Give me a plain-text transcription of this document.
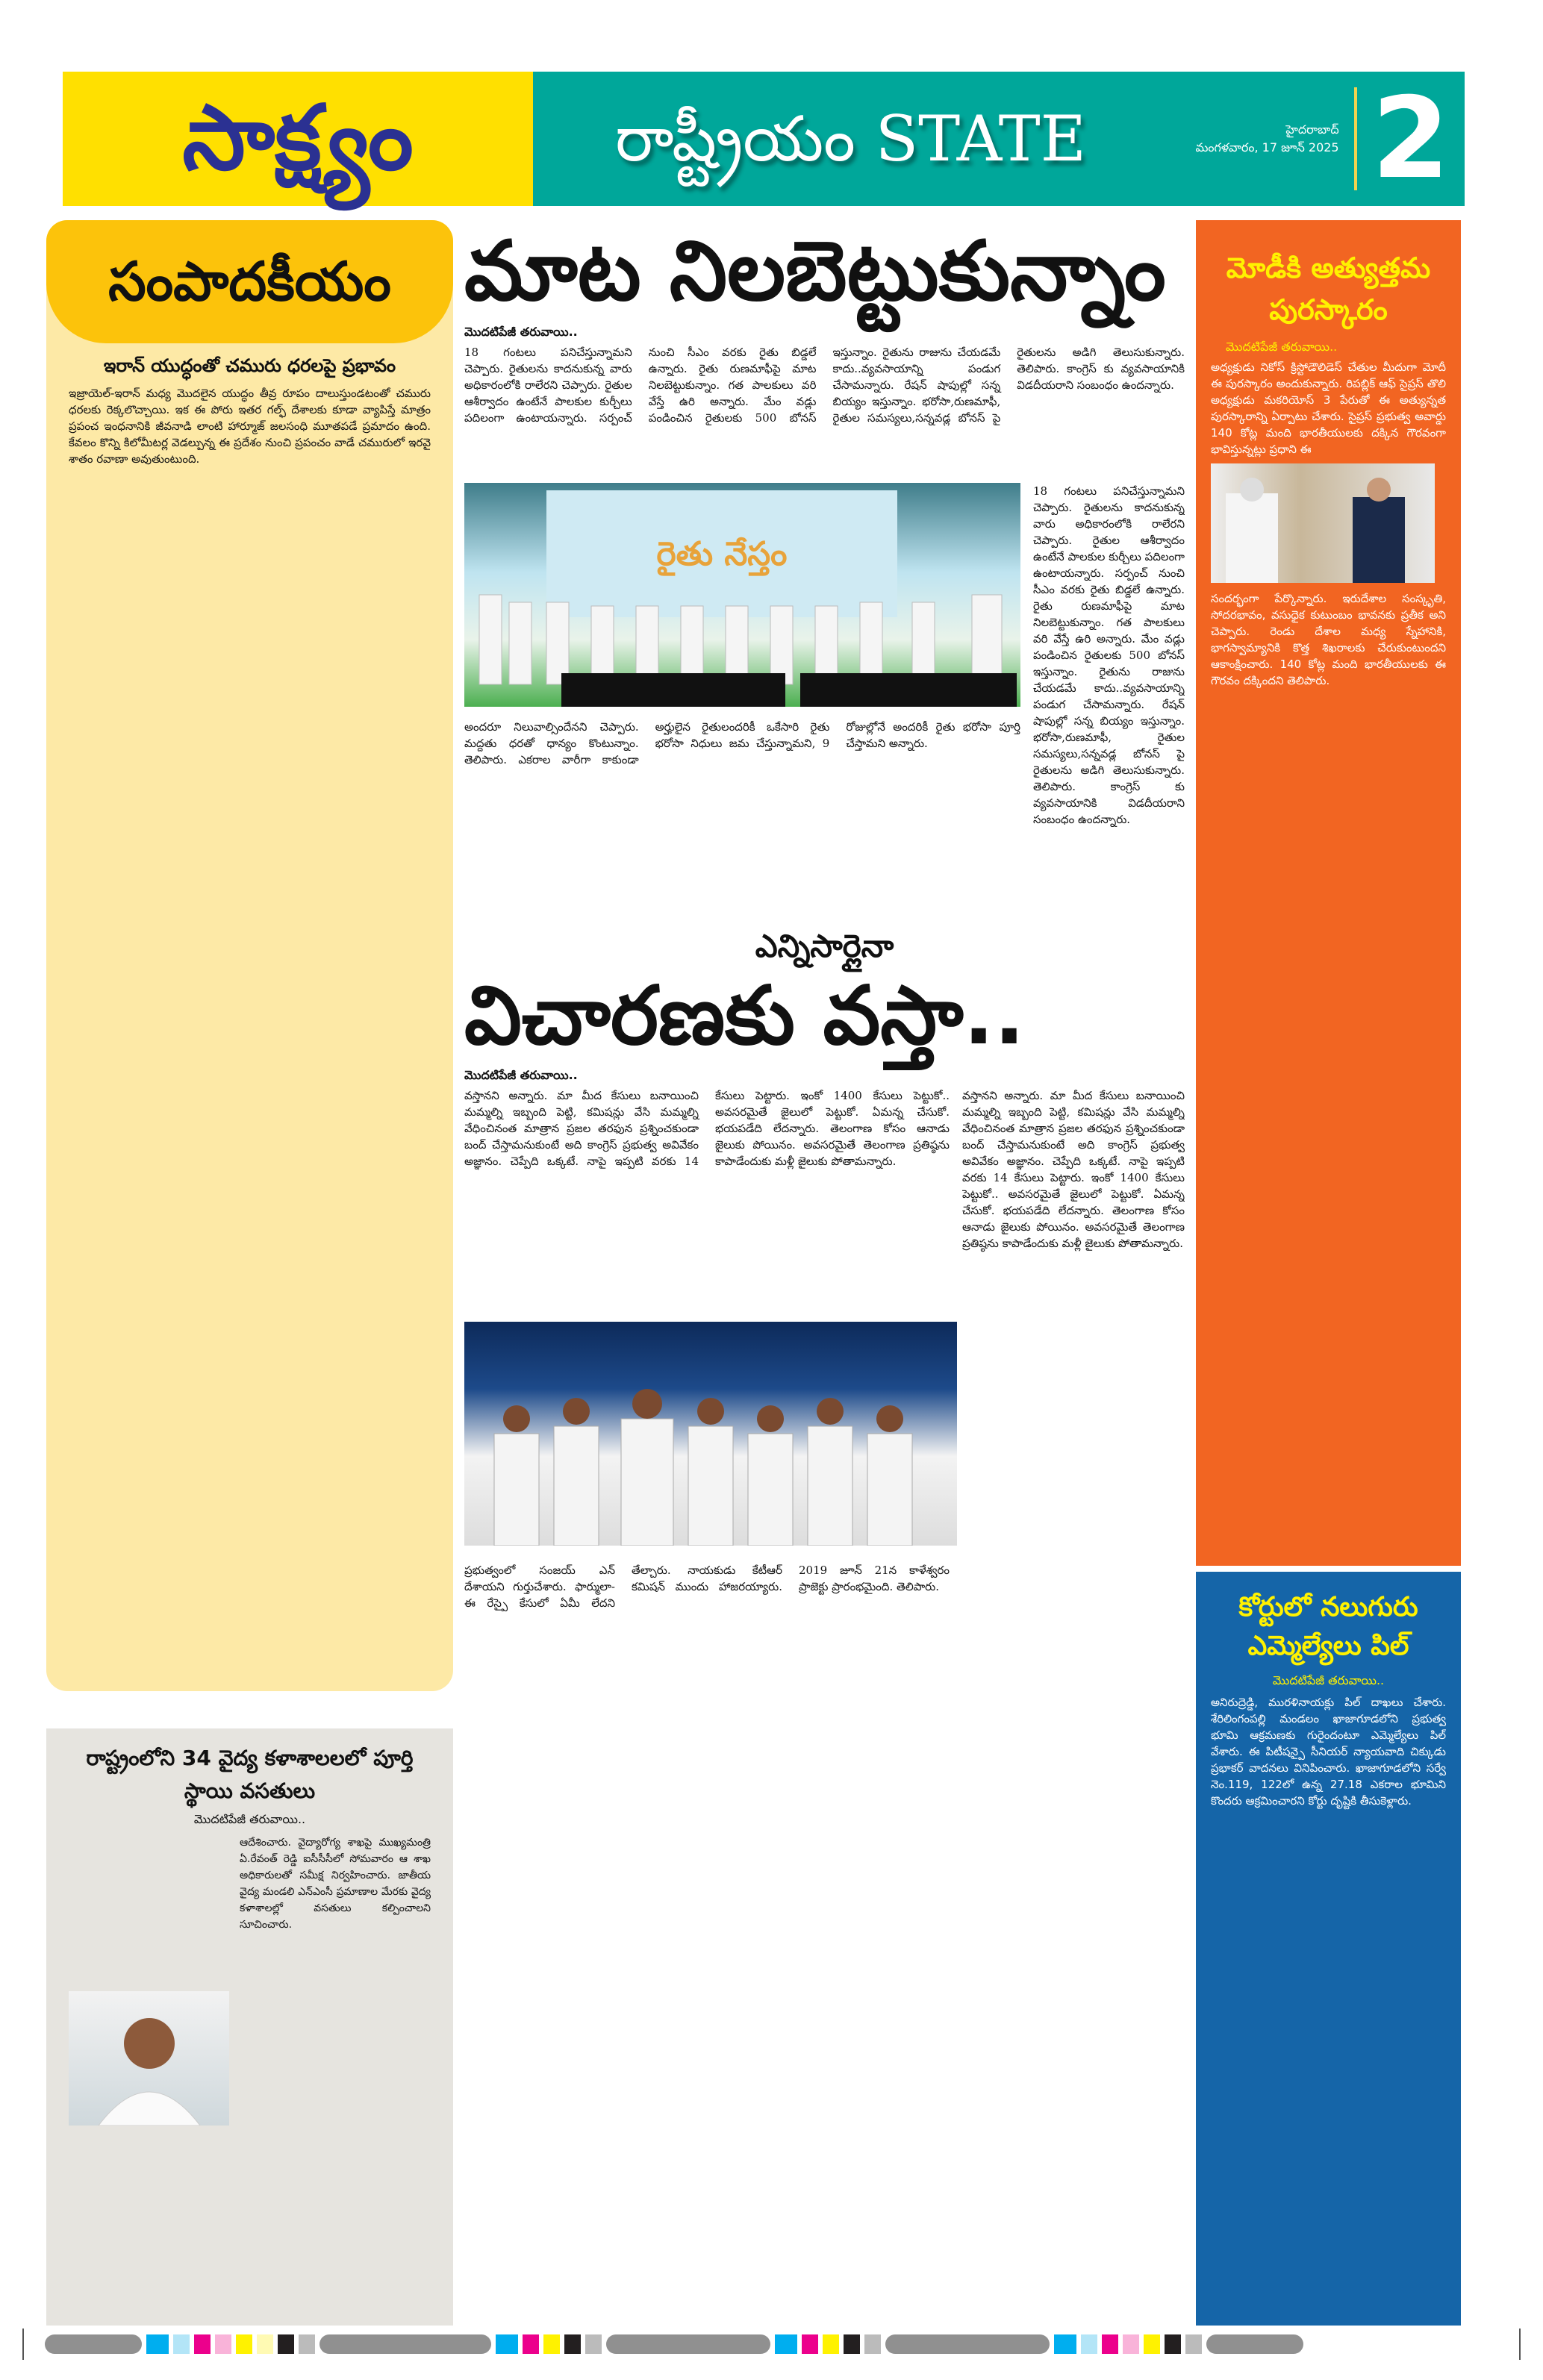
సాక్ష్యం	రాష్ట్రీయం STATE	హైదరాబాద్
మంగళవారం, 17 జూన్ 2025 2
సంపాదకీయం
ఇరాన్ యుద్ధంతో చమురు ధరలపై ప్రభావం
ఇజ్రాయెల్-ఇరాన్ మధ్య మొదలైన యుద్ధం తీవ్ర రూపం దాలుస్తుండటంతో చమురు ధరలకు రెక్కలొచ్చాయి. ఇక ఈ పోరు ఇతర గల్ఫ్ దేశాలకు కూడా వ్యాపిస్తే మాత్రం ప్రపంచ ఇంధనానికి జీవనాడి లాంటి హార్మూజ్ జలసంధి మూతపడే ప్రమాదం ఉంది. కేవలం కొన్ని కిలోమీటర్ల వెడల్పున్న ఈ ప్రదేశం నుంచి ప్రపంచం వాడే చమురులో ఇరవై శాతం రవాణా అవుతుంటుంది.
రాష్ట్రంలోని 34 వైద్య కళాశాలలలో పూర్తి స్థాయి వసతులు
మొదటిపేజీ తరువాయి..
ఆదేశించారు. వైద్యారోగ్య శాఖపై ముఖ్యమంత్రి ఏ.రేవంత్ రెడ్డి ఐసీసీసీలో సోమవారం ఆ శాఖ అధికారులతో సమీక్ష నిర్వహించారు. జాతీయ వైద్య మండలి ఎన్ఎంసీ ప్రమాణాల మేరకు వైద్య కళాశాలల్లో వసతులు కల్పించాలని సూచించారు.
మాట నిలబెట్టుకున్నాం
మొదటిపేజీ తరువాయి..
18 గంటలు పనిచేస్తున్నామని చెప్పారు. రైతులను కాదనుకున్న వారు అధికారంలోకి రాలేరని చెప్పారు. రైతుల ఆశీర్వాదం ఉంటేనే పాలకుల కుర్చీలు పదిలంగా ఉంటాయన్నారు. సర్పంచ్ నుంచి సీఎం వరకు రైతు బిడ్డలే ఉన్నారు. రైతు రుణమాఫీపై మాట నిలబెట్టుకున్నాం. గత పాలకులు వరి వేస్తే ఉరి అన్నారు. మేం వడ్లు పండించిన రైతులకు 500 బోనస్ ఇస్తున్నాం. రైతును రాజును చేయడమే కాదు..వ్యవసాయాన్ని పండుగ చేసామన్నారు. రేషన్ షాపుల్లో సన్న బియ్యం ఇస్తున్నాం. భరోసా,రుణమాఫీ, రైతుల సమస్యలు,సన్నవడ్ల బోనస్ పై రైతులను అడిగి తెలుసుకున్నారు. తెలిపారు. కాంగ్రెస్ కు వ్యవసాయానికి విడదీయరాని సంబంధం ఉందన్నారు.
రైతు నేస్తం
అందరూ నిలువాల్సిందేనని చెప్పారు. మద్దతు ధరతో ధాన్యం కొంటున్నాం. తెలిపారు. ఎకరాల వారీగా కాకుండా అర్హులైన రైతులందరికీ ఒకేసారి రైతు భరోసా నిధులు జమ చేస్తున్నామని, 9 రోజుల్లోనే అందరికీ రైతు భరోసా పూర్తి చేస్తామని అన్నారు.
18 గంటలు పనిచేస్తున్నామని చెప్పారు. రైతులను కాదనుకున్న వారు అధికారంలోకి రాలేరని చెప్పారు. రైతుల ఆశీర్వాదం ఉంటేనే పాలకుల కుర్చీలు పదిలంగా ఉంటాయన్నారు. సర్పంచ్ నుంచి సీఎం వరకు రైతు బిడ్డలే ఉన్నారు. రైతు రుణమాఫీపై మాట నిలబెట్టుకున్నాం. గత పాలకులు వరి వేస్తే ఉరి అన్నారు. మేం వడ్లు పండించిన రైతులకు 500 బోనస్ ఇస్తున్నాం. రైతును రాజును చేయడమే కాదు..వ్యవసాయాన్ని పండుగ చేసామన్నారు. రేషన్ షాపుల్లో సన్న బియ్యం ఇస్తున్నాం. భరోసా,రుణమాఫీ, రైతుల సమస్యలు,సన్నవడ్ల బోనస్ పై రైతులను అడిగి తెలుసుకున్నారు. తెలిపారు. కాంగ్రెస్ కు వ్యవసాయానికి విడదీయరాని సంబంధం ఉందన్నారు.
ఎన్నిసార్లైనా
విచారణకు వస్తా..
మొదటిపేజీ తరువాయి..
వస్తానని అన్నారు. మా మీద కేసులు బనాయించి మమ్మల్ని ఇబ్బంది పెట్టి, కమిషన్లు వేసి మమ్మల్ని వేధించినంత మాత్రాన ప్రజల తరఫున ప్రశ్నించకుండా బంద్ చేస్తామనుకుంటే అది కాంగ్రెస్ ప్రభుత్వ అవివేకం అజ్ఞానం. చెప్పేది ఒక్కటే. నాపై ఇప్పటి వరకు 14 కేసులు పెట్టారు. ఇంకో 1400 కేసులు పెట్టుకో.. అవసరమైతే జైలులో పెట్టుకో. ఏమన్న చేసుకో. భయపడేది లేదన్నారు. తెలంగాణ కోసం ఆనాడు జైలుకు పోయినం. అవసరమైతే తెలంగాణ ప్రతిష్ఠను కాపాడేందుకు మళ్లీ జైలుకు పోతామన్నారు.
ప్రభుత్వంలో సంజయ్ ఎన్ దేశాయని గుర్తుచేశారు. ఫార్ములా-ఈ రేస్పై కేసులో ఏమీ లేదని తేల్చారు. నాయకుడు కేటీఆర్ కమిషన్ ముందు హాజరయ్యారు. 2019 జూన్ 21న కాళేశ్వరం ప్రాజెక్టు ప్రారంభమైంది. తెలిపారు.
వస్తానని అన్నారు. మా మీద కేసులు బనాయించి మమ్మల్ని ఇబ్బంది పెట్టి, కమిషన్లు వేసి మమ్మల్ని వేధించినంత మాత్రాన ప్రజల తరఫున ప్రశ్నించకుండా బంద్ చేస్తామనుకుంటే అది కాంగ్రెస్ ప్రభుత్వ అవివేకం అజ్ఞానం. చెప్పేది ఒక్కటే. నాపై ఇప్పటి వరకు 14 కేసులు పెట్టారు. ఇంకో 1400 కేసులు పెట్టుకో.. అవసరమైతే జైలులో పెట్టుకో. ఏమన్న చేసుకో. భయపడేది లేదన్నారు. తెలంగాణ కోసం ఆనాడు జైలుకు పోయినం. అవసరమైతే తెలంగాణ ప్రతిష్ఠను కాపాడేందుకు మళ్లీ జైలుకు పోతామన్నారు.
మోడీకి అత్యుత్తమ పురస్కారం
మొదటిపేజీ తరువాయి..
అధ్యక్షుడు నికోస్ క్రిస్టోడౌలిడెస్ చేతుల మీదుగా మోదీ ఈ పురస్కారం అందుకున్నారు. రిపబ్లిక్ ఆఫ్ సైప్రస్ తొలి అధ్యక్షుడు మకరియోస్ 3 పేరుతో ఈ అత్యున్నత పురస్కారాన్ని ఏర్పాటు చేశారు. సైప్రస్ ప్రభుత్వ అవార్డు 140 కోట్ల మంది భారతీయులకు దక్కిన గౌరవంగా భావిస్తున్నట్లు ప్రధాని ఈ
సందర్భంగా పేర్కొన్నారు. ఇరుదేశాల సంస్కృతి, సోదరభావం, వసుధైక కుటుంబం భావనకు ప్రతీక అని చెప్పారు. రెండు దేశాల మధ్య స్నేహానికి, భాగస్వామ్యానికి కొత్త శిఖరాలకు చేరుకుంటుందని ఆకాంక్షించారు. 140 కోట్ల మంది భారతీయులకు ఈ గౌరవం దక్కిందని తెలిపారు.
కోర్టులో నలుగురు ఎమ్మెల్యేలు పిల్
మొదటిపేజీ తరువాయి..
అనిరుద్రెడ్డి, మురళినాయక్లు పిల్ దాఖలు చేశారు. శేరిలింగంపల్లి మండలం ఖాజాగూడలోని ప్రభుత్వ భూమి ఆక్రమణకు గురైందంటూ ఎమ్మెల్యేలు పిల్ వేశారు. ఈ పిటీషన్పై సీనియర్ న్యాయవాది చిక్కుడు ప్రభాకర్ వాదనలు వినిపించారు. ఖాజాగూడలోని సర్వే నెం.119, 122లో ఉన్న 27.18 ఎకరాల భూమిని కొందరు ఆక్రమించారని కోర్టు దృష్టికి తీసుకెళ్లారు.
